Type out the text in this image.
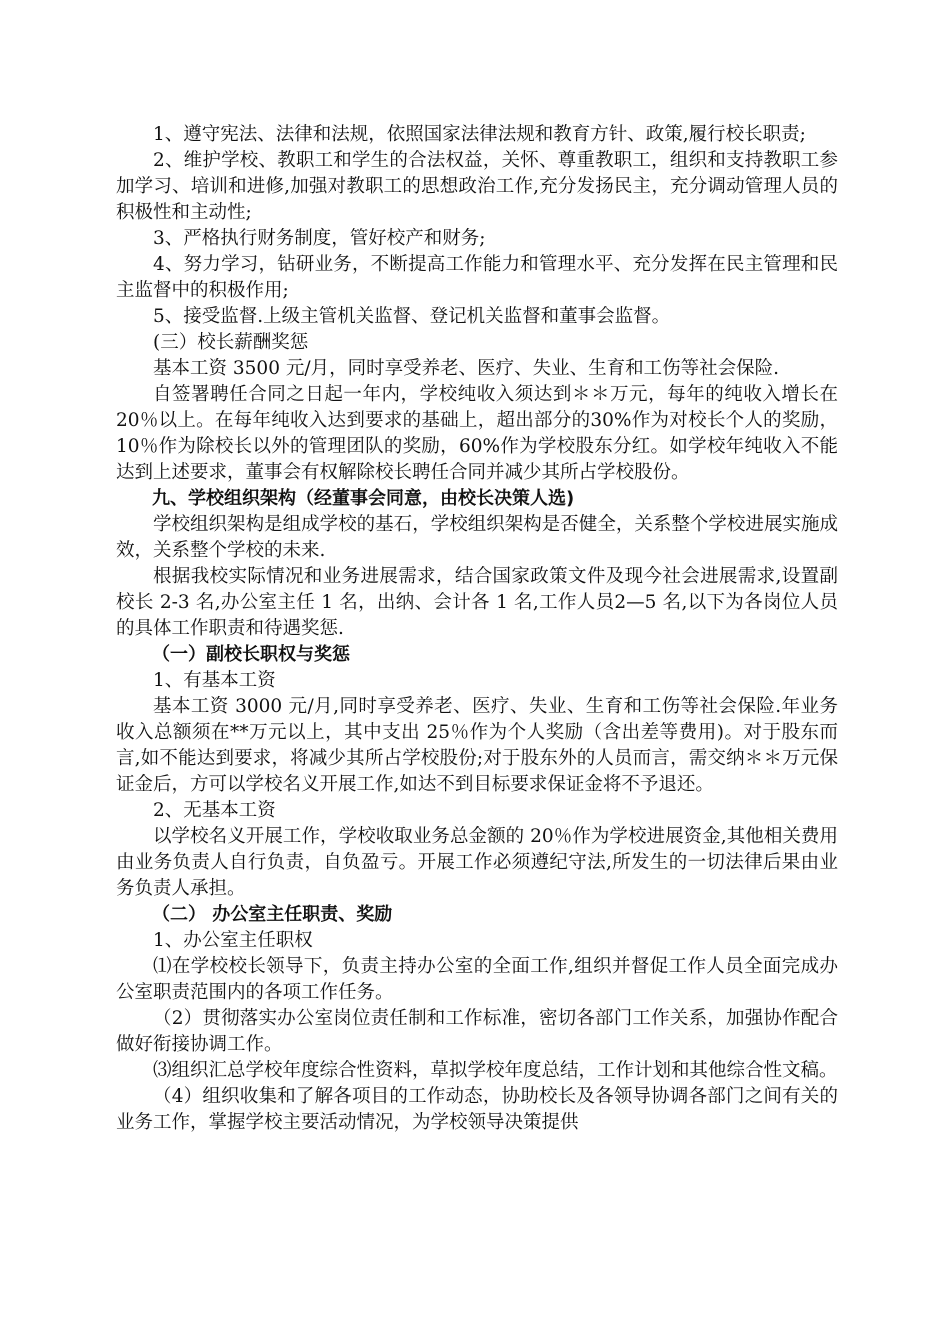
1、遵守宪法、法律和法规，依照国家法律法规和教育方针、政策,履行校长职责;

2、维护学校、教职工和学生的合法权益，关怀、尊重教职工，组织和支持教职工参加学习、培训和进修,加强对教职工的思想政治工作,充分发扬民主，充分调动管理人员的积极性和主动性;

3、严格执行财务制度，管好校产和财务;

4、努力学习，钻研业务，不断提高工作能力和管理水平、充分发挥在民主管理和民主监督中的积极作用;

5、接受监督.上级主管机关监督、登记机关监督和董事会监督。

(三）校长薪酬奖惩

基本工资 3500 元/月，同时享受养老、医疗、失业、生育和工伤等社会保险.

自签署聘任合同之日起一年内，学校纯收入须达到＊＊万元，每年的纯收入增长在 20％以上。在每年纯收入达到要求的基础上，超出部分的30%作为对校长个人的奖励，10％作为除校长以外的管理团队的奖励，60%作为学校股东分红。如学校年纯收入不能达到上述要求，董事会有权解除校长聘任合同并减少其所占学校股份。

九、学校组织架构（经董事会同意，由校长决策人选)

学校组织架构是组成学校的基石，学校组织架构是否健全，关系整个学校进展实施成效，关系整个学校的未来.

根据我校实际情况和业务进展需求，结合国家政策文件及现今社会进展需求,设置副校长 2-3 名,办公室主任 1 名，出纳、会计各 1 名,工作人员2—5 名,以下为各岗位人员的具体工作职责和待遇奖惩.

（一）副校长职权与奖惩

1、有基本工资

基本工资 3000 元/月,同时享受养老、医疗、失业、生育和工伤等社会保险.年业务收入总额须在**万元以上，其中支出 25％作为个人奖励（含出差等费用)。对于股东而言,如不能达到要求，将减少其所占学校股份;对于股东外的人员而言，需交纳＊＊万元保证金后，方可以学校名义开展工作,如达不到目标要求保证金将不予退还。

2、无基本工资

以学校名义开展工作，学校收取业务总金额的 20％作为学校进展资金,其他相关费用由业务负责人自行负责，自负盈亏。开展工作必须遵纪守法,所发生的一切法律后果由业务负责人承担。

（二） 办公室主任职责、奖励

1、办公室主任职权

⑴在学校校长领导下，负责主持办公室的全面工作,组织并督促工作人员全面完成办公室职责范围内的各项工作任务。

（2）贯彻落实办公室岗位责任制和工作标准，密切各部门工作关系，加强协作配合做好衔接协调工作。

⑶组织汇总学校年度综合性资料，草拟学校年度总结，工作计划和其他综合性文稿。

（4）组织收集和了解各项目的工作动态，协助校长及各领导协调各部门之间有关的业务工作，掌握学校主要活动情况，为学校领导决策提供
